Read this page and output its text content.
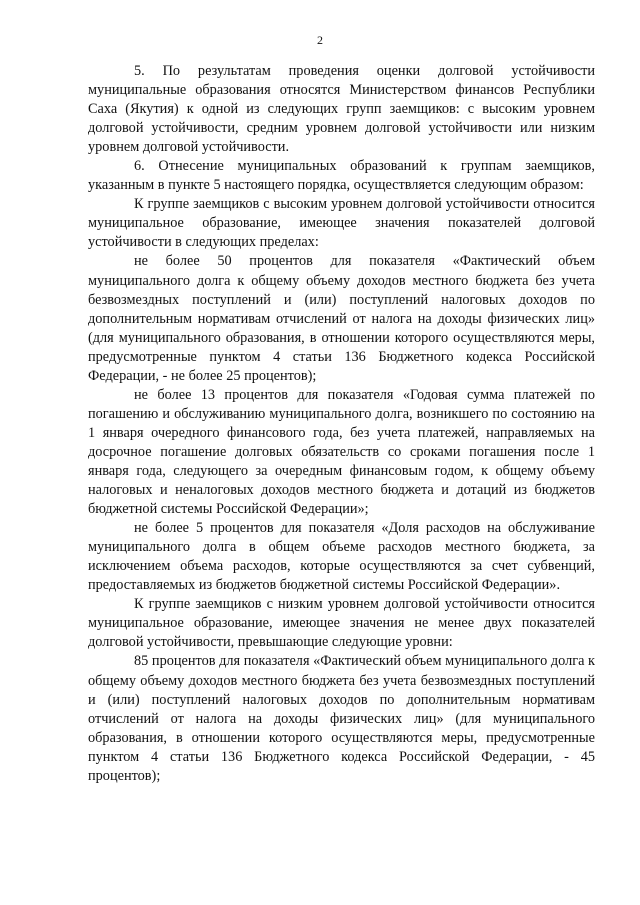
2

5. По результатам проведения оценки долговой устойчивости муниципальные образования относятся Министерством финансов Республики Саха (Якутия) к одной из следующих групп заемщиков: с высоким уровнем долговой устойчивости, средним уровнем долговой устойчивости или низким уровнем долговой устойчивости.

6. Отнесение муниципальных образований к группам заемщиков, указанным в пункте 5 настоящего порядка, осуществляется следующим образом:

К группе заемщиков с высоким уровнем долговой устойчивости относится муниципальное образование, имеющее значения показателей долговой устойчивости в следующих пределах:

не более 50 процентов для показателя «Фактический объем муниципального долга к общему объему доходов местного бюджета без учета безвозмездных поступлений и (или) поступлений налоговых доходов по дополнительным нормативам отчислений от налога на доходы физических лиц» (для муниципального образования, в отношении которого осуществляются меры, предусмотренные пунктом 4 статьи 136 Бюджетного кодекса Российской Федерации, - не более 25 процентов);

не более 13 процентов для показателя «Годовая сумма платежей по погашению и обслуживанию муниципального долга, возникшего по состоянию на 1 января очередного финансового года, без учета платежей, направляемых на досрочное погашение долговых обязательств со сроками погашения после 1 января года, следующего за очередным финансовым годом, к общему объему налоговых и неналоговых доходов местного бюджета и дотаций из бюджетов бюджетной системы Российской Федерации»;

не более 5 процентов для показателя «Доля расходов на обслуживание муниципального долга в общем объеме расходов местного бюджета, за исключением объема расходов, которые осуществляются за счет субвенций, предоставляемых из бюджетов бюджетной системы Российской Федерации».

К группе заемщиков с низким уровнем долговой устойчивости относится муниципальное образование, имеющее значения не менее двух показателей долговой устойчивости, превышающие следующие уровни:

85 процентов для показателя «Фактический объем муниципального долга к общему объему доходов местного бюджета без учета безвозмездных поступлений и (или) поступлений налоговых доходов по дополнительным нормативам отчислений от налога на доходы физических лиц» (для муниципального образования, в отношении которого осуществляются меры, предусмотренные пунктом 4 статьи 136 Бюджетного кодекса Российской Федерации, - 45 процентов);
